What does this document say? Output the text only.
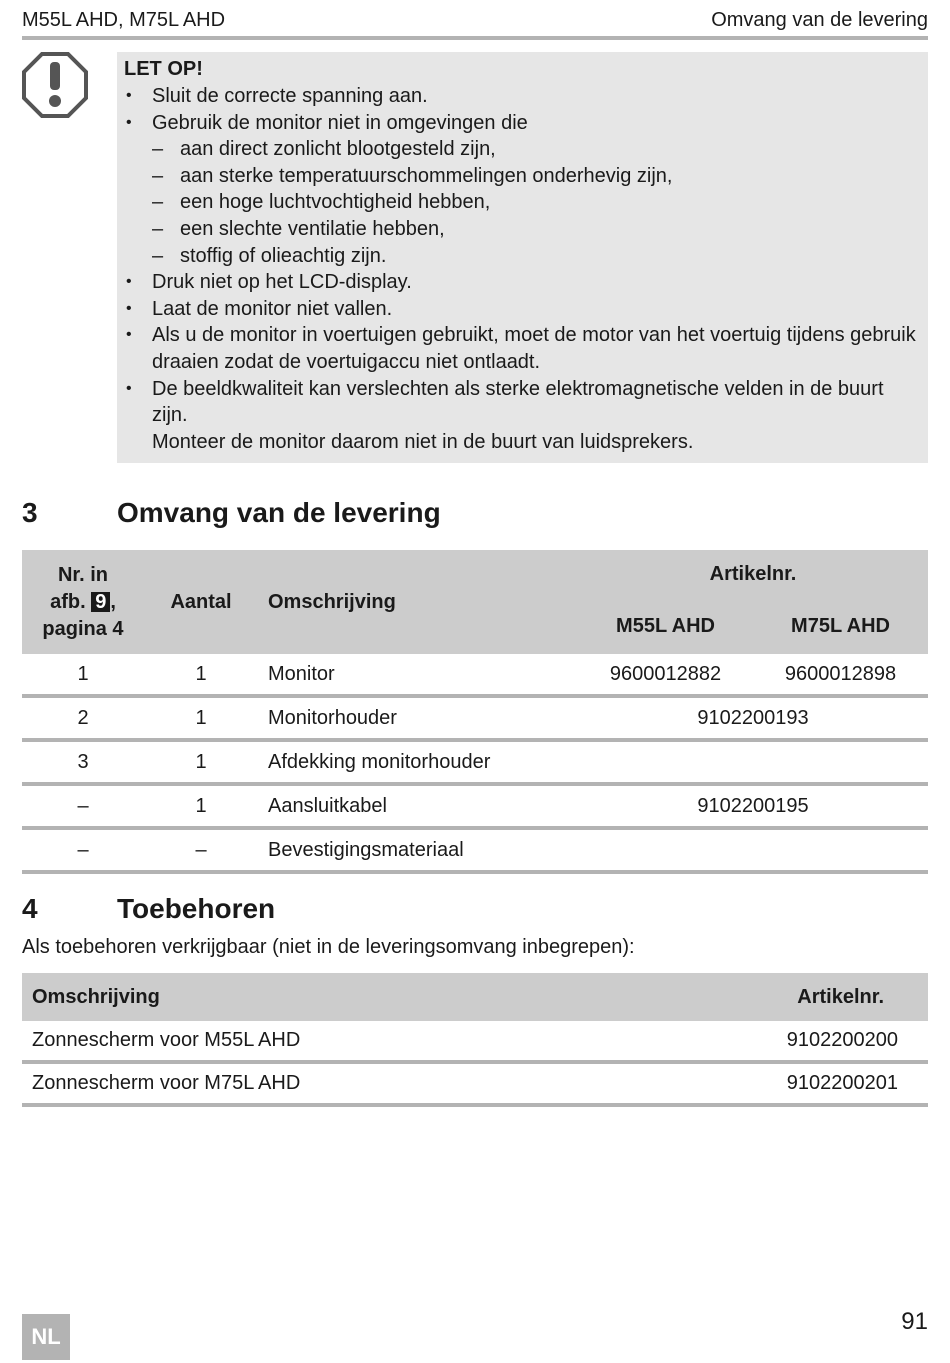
M55L AHD, M75L AHD	Omvang van de levering
LET OP!
• Sluit de correcte spanning aan.
• Gebruik de monitor niet in omgevingen die
– aan direct zonlicht blootgesteld zijn,
– aan sterke temperatuurschommelingen onderhevig zijn,
– een hoge luchtvochtigheid hebben,
– een slechte ventilatie hebben,
– stoffig of olieachtig zijn.
• Druk niet op het LCD-display.
• Laat de monitor niet vallen.
• Als u de monitor in voertuigen gebruikt, moet de motor van het voertuig tijdens gebruik draaien zodat de voertuigaccu niet ontlaadt.
• De beeldkwaliteit kan verslechten als sterke elektromagnetische velden in de buurt zijn.
Monteer de monitor daarom niet in de buurt van luidsprekers.
3	Omvang van de levering
Nr. in
afb. 9 ,
pagina 4	Aantal	Omschrijving	Artikelnr.	
			M55L AHD	M75L AHD
1	1	Monitor	9600012882	9600012898
2	1	Monitorhouder	9102200193	
3	1	Afdekking monitorhouder		
–	1	Aansluitkabel	9102200195	
–	–	Bevestigingsmateriaal		
4	Toebehoren
Als toebehoren verkrijgbaar (niet in de leveringsomvang inbegrepen):
Omschrijving	Artikelnr.
Zonnescherm voor M55L AHD	9102200200
Zonnescherm voor M75L AHD	9102200201
NL
91
